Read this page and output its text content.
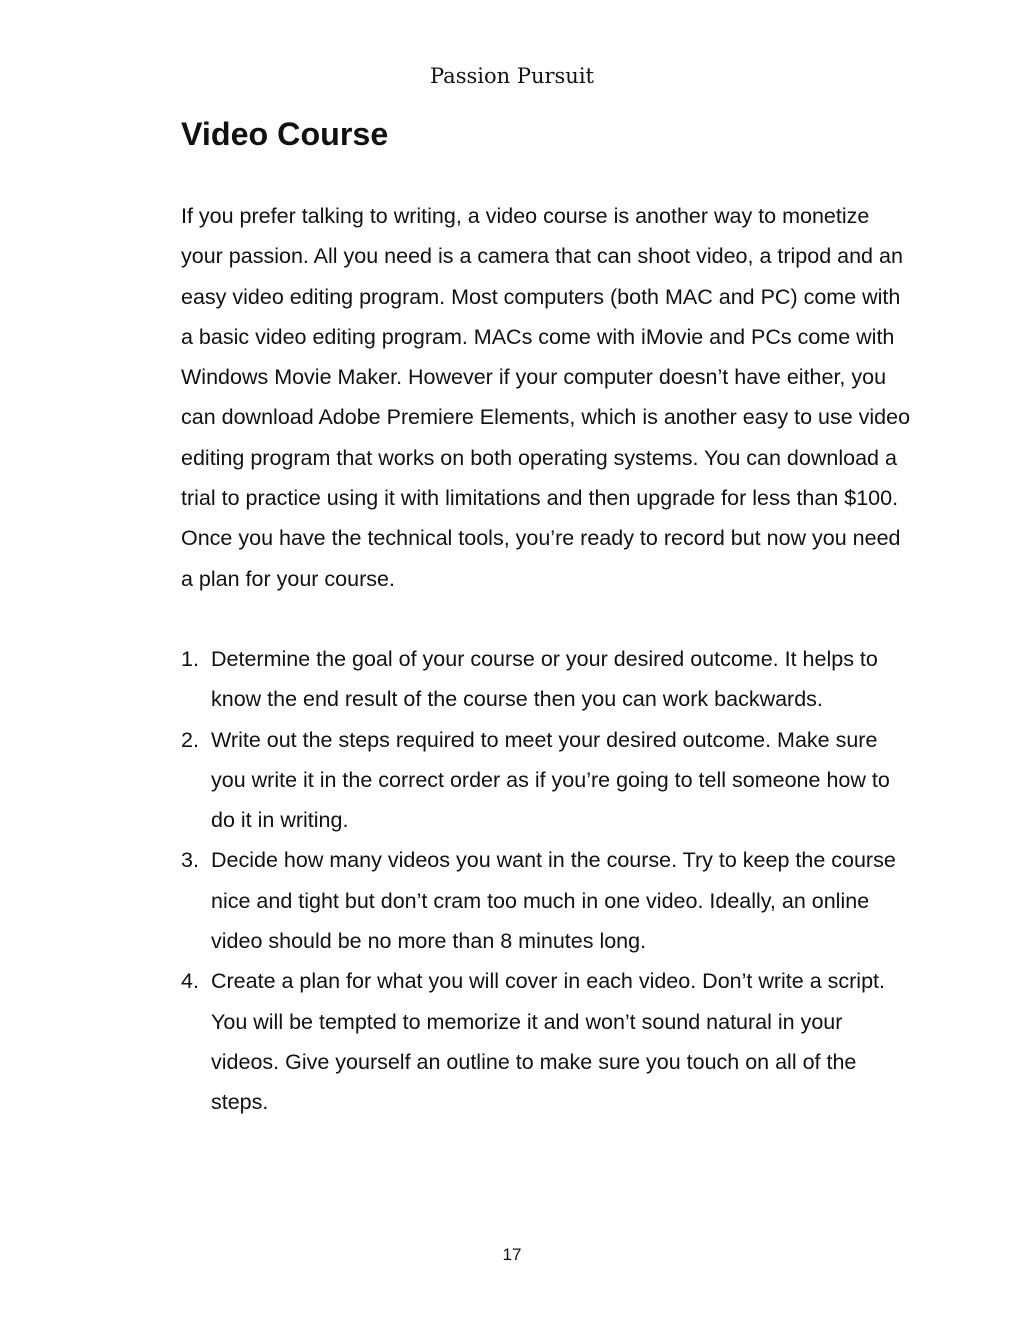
Passion Pursuit
Video Course

If you prefer talking to writing, a video course is another way to monetize your passion. All you need is a camera that can shoot video, a tripod and an easy video editing program. Most computers (both MAC and PC) come with a basic video editing program. MACs come with iMovie and PCs come with Windows Movie Maker. However if your computer doesn’t have either, you can download Adobe Premiere Elements, which is another easy to use video editing program that works on both operating systems. You can download a trial to practice using it with limitations and then upgrade for less than $100. Once you have the technical tools, you’re ready to record but now you need a plan for your course.

1. Determine the goal of your course or your desired outcome. It helps to know the end result of the course then you can work backwards.
2. Write out the steps required to meet your desired outcome. Make sure you write it in the correct order as if you’re going to tell someone how to do it in writing.
3. Decide how many videos you want in the course. Try to keep the course nice and tight but don’t cram too much in one video. Ideally, an online video should be no more than 8 minutes long.
4. Create a plan for what you will cover in each video. Don’t write a script. You will be tempted to memorize it and won’t sound natural in your videos. Give yourself an outline to make sure you touch on all of the steps.
17
